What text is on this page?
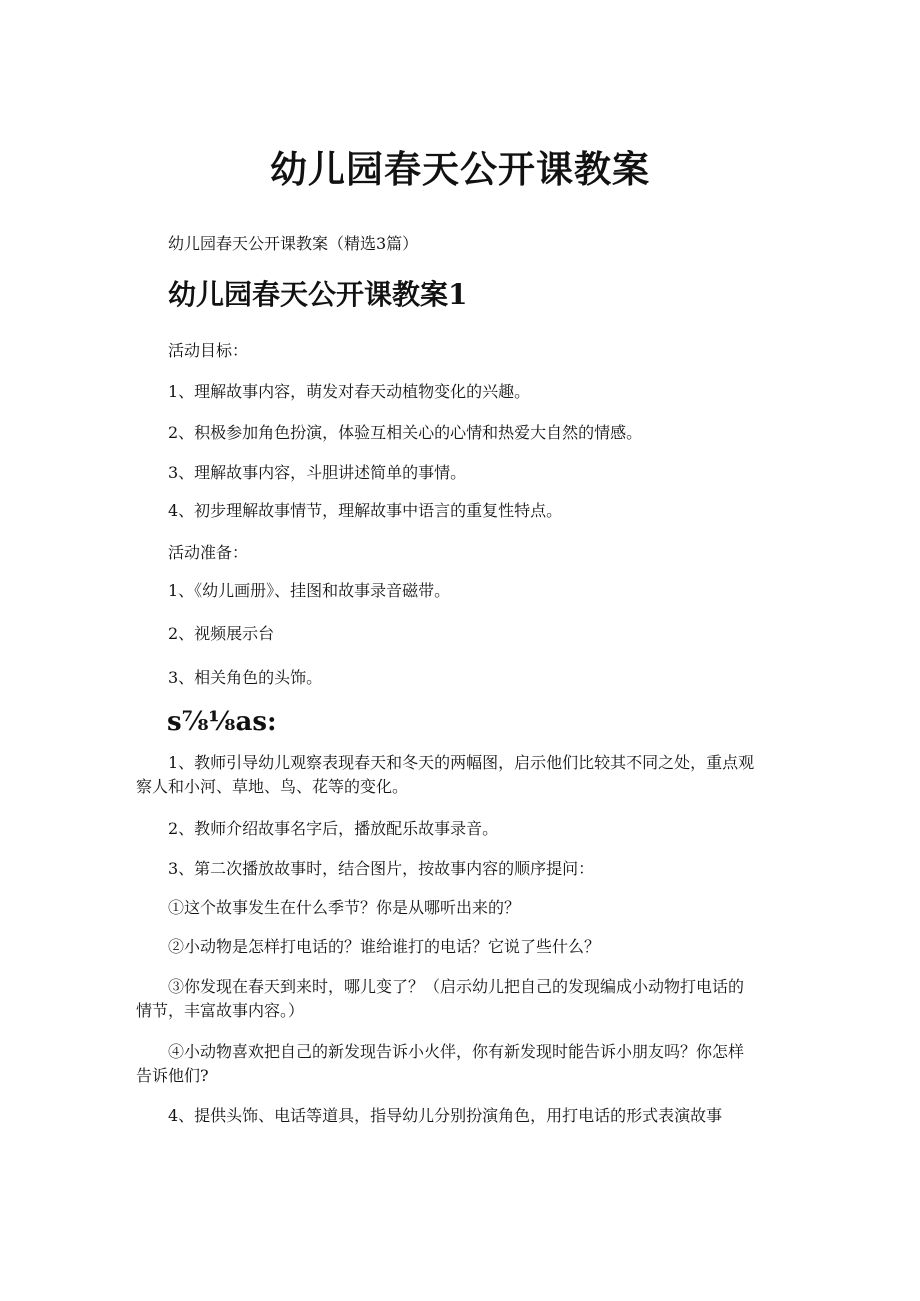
幼儿园春天公开课教案

幼儿园春天公开课教案（精选3篇）

幼儿园春天公开课教案1

活动目标：

1、理解故事内容，萌发对春天动植物变化的兴趣。

2、积极参加角色扮演，体验互相关心的心情和热爱大自然的情感。

3、理解故事内容，斗胆讲述简单的事情。

4、初步理解故事情节，理解故事中语言的重复性特点。

活动准备：

1、《幼儿画册》、挂图和故事录音磁带。

2、视频展示台

3、相关角色的头饰。

s⅞⅛as:

1、教师引导幼儿观察表现春天和冬天的两幅图，启示他们比较其不同之处，重点观察人和小河、草地、鸟、花等的变化。

2、教师介绍故事名字后，播放配乐故事录音。

3、第二次播放故事时，结合图片，按故事内容的顺序提问：

①这个故事发生在什么季节？你是从哪听出来的？

②小动物是怎样打电话的？谁给谁打的电话？它说了些什么？

③你发现在春天到来时，哪儿变了？（启示幼儿把自己的发现编成小动物打电话的情节，丰富故事内容。）

④小动物喜欢把自己的新发现告诉小火伴，你有新发现时能告诉小朋友吗？你怎样告诉他们?

4、提供头饰、电话等道具，指导幼儿分别扮演角色，用打电话的形式表演故事
